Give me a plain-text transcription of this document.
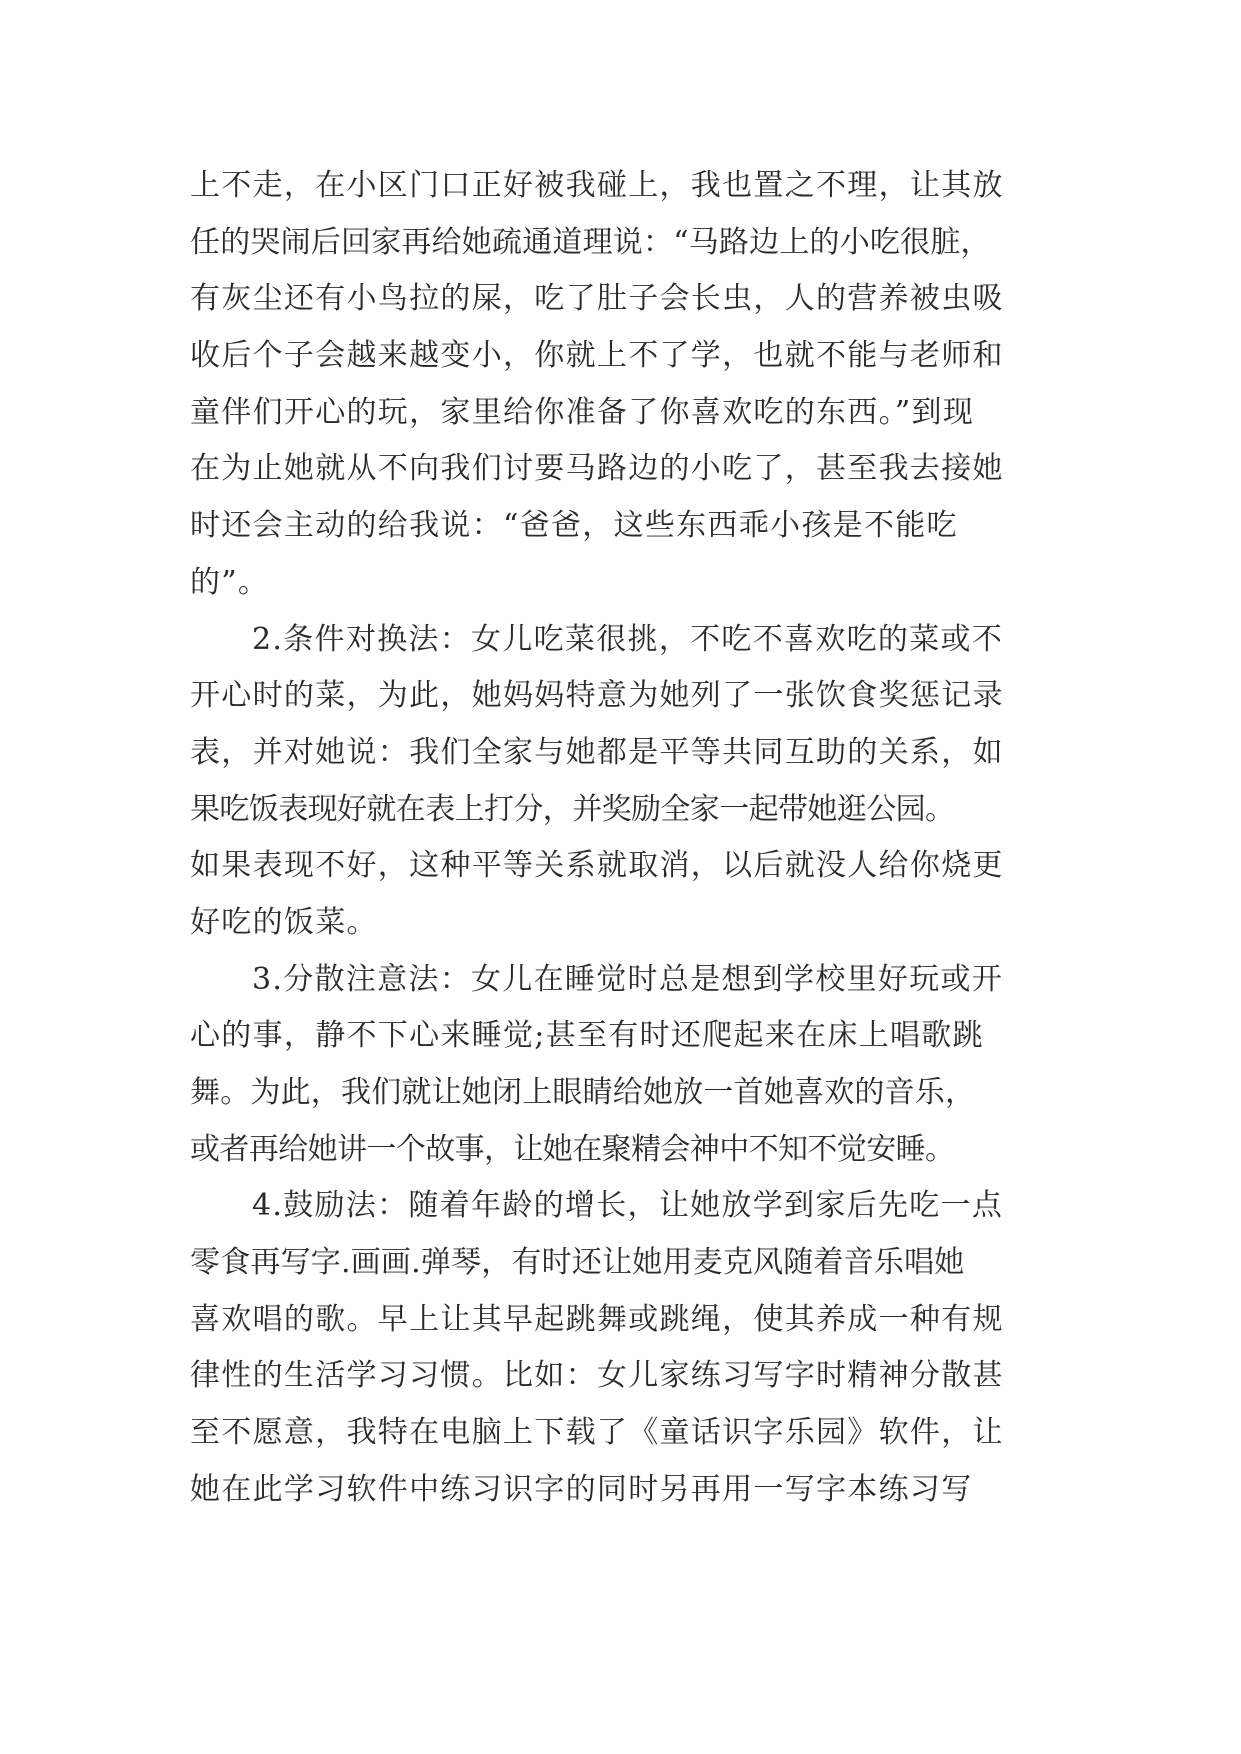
上不走，在小区门口正好被我碰上，我也置之不理，让其放
任的哭闹后回家再给她疏通道理说：“马路边上的小吃很脏，
有灰尘还有小鸟拉的屎，吃了肚子会长虫，人的营养被虫吸
收后个子会越来越变小，你就上不了学，也就不能与老师和
童伴们开心的玩，家里给你准备了你喜欢吃的东西。”到现
在为止她就从不向我们讨要马路边的小吃了，甚至我去接她
时还会主动的给我说：“爸爸，这些东西乖小孩是不能吃
的”。
2.条件对换法：女儿吃菜很挑，不吃不喜欢吃的菜或不
开心时的菜，为此，她妈妈特意为她列了一张饮食奖惩记录
表，并对她说：我们全家与她都是平等共同互助的关系，如
果吃饭表现好就在表上打分，并奖励全家一起带她逛公园。
如果表现不好，这种平等关系就取消，以后就没人给你烧更
好吃的饭菜。
3.分散注意法：女儿在睡觉时总是想到学校里好玩或开
心的事，静不下心来睡觉;甚至有时还爬起来在床上唱歌跳
舞。为此，我们就让她闭上眼睛给她放一首她喜欢的音乐，
或者再给她讲一个故事，让她在聚精会神中不知不觉安睡。
4.鼓励法：随着年龄的增长，让她放学到家后先吃一点
零食再写字.画画.弹琴，有时还让她用麦克风随着音乐唱她
喜欢唱的歌。早上让其早起跳舞或跳绳，使其养成一种有规
律性的生活学习习惯。比如：女儿家练习写字时精神分散甚
至不愿意，我特在电脑上下载了《童话识字乐园》软件，让
她在此学习软件中练习识字的同时另再用一写字本练习写
